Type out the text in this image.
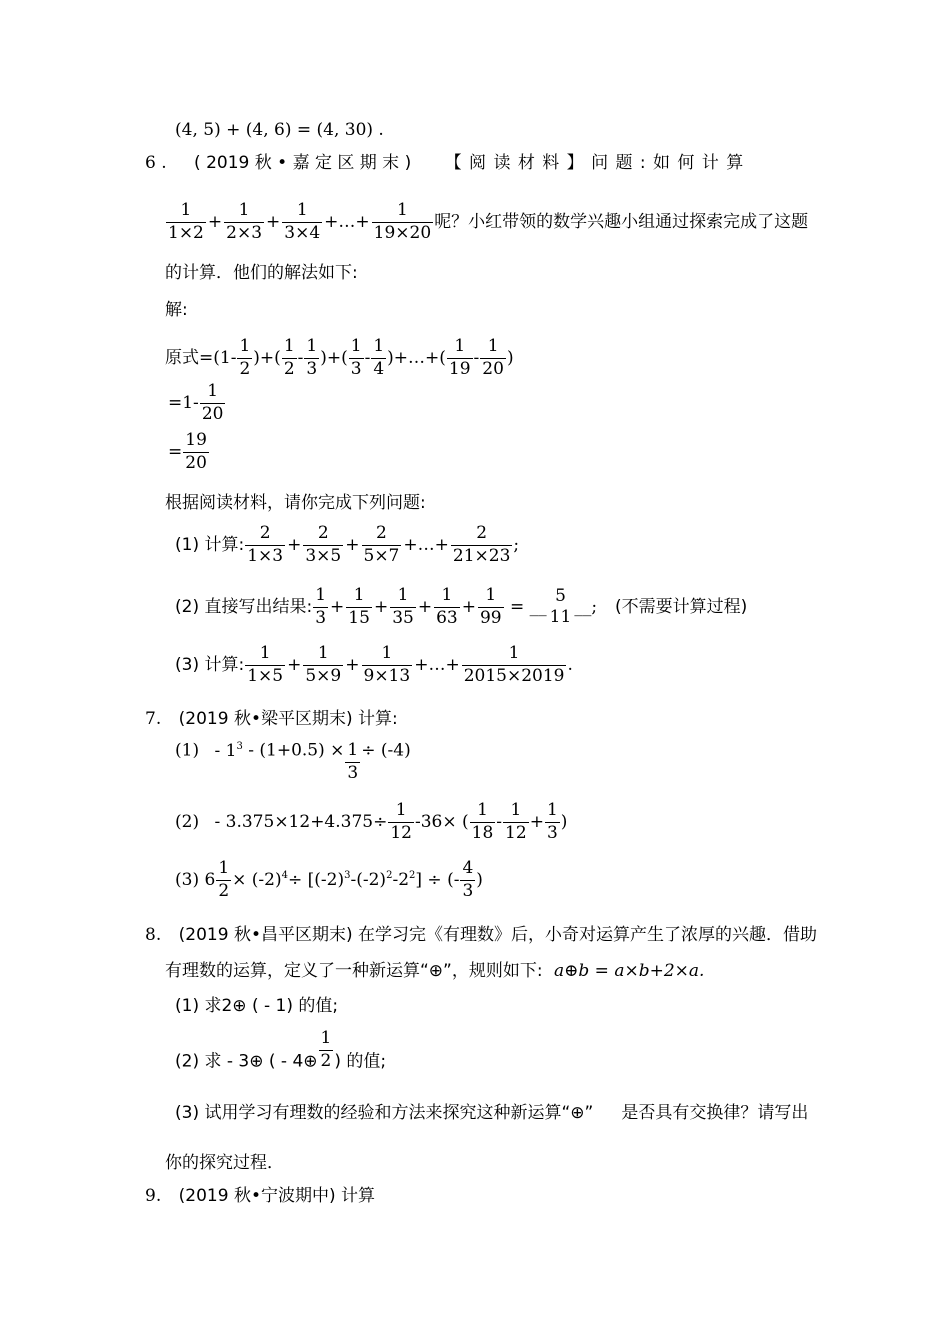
(4, 5) + (4, 6) = (4, 30) .
6 . ( 2019 秋 • 嘉 定 区 期 末 ) 【 阅 读 材 料 】 问 题 : 如 何 计 算
$\frac{1}{1\times 2} + \frac{1}{2\times 3} + \frac{1}{3\times 4}$ +…+ $\frac{1}{19\times 20}$ 呢？小红带领的数学兴趣小组通过探索完成了这题
的计算．他们的解法如下:
解:
原式$=(1- \frac{1}{2}$ )+( $\frac{1}{2} - \frac{1}{3}$ )+( $\frac{1}{3} - \frac{1}{4}$ )+…+( $\frac{1}{19} - \frac{1}{20}$ )
$=1- \frac{1}{20}$
= $\frac{19}{20}$
根据阅读材料，请你完成下列问题:
(1) 计算: $\frac{2}{1\times 3} + \frac{2}{3\times 5} + \frac{2}{5\times 7}$ +…+ $\frac{2}{21\times 23}$ ;
(2) 直接写出结果: $\frac{1}{3} + \frac{1}{15} + \frac{1}{35} + \frac{1}{63} + \frac{1}{99}$ = __
5
11
__; (不需要计算过程)
(3) 计算: $\frac{1}{1\times 5} + \frac{1}{5\times 9} + \frac{1}{9\times 13}$ +…+ $\frac{1}{2015\times 2019}$ .
7. (2019 秋•梁平区期末) 计算:
$(1) - 1^3 - (1+0.5) \times \frac{1}{3} \div (-4)$
$(2) - 3.375\times 12+4.375\div \frac{1}{12} -36\times$ ( $\frac{1}{18} - \frac{1}{12} + \frac{1}{3}$ )
(3) $6 \frac{1}{2} \times (-2)^4\div [(-2)^3-(-2)^2-2^2]$ ÷ (- $\frac{4}{3}$ )
8. (2019 秋•昌平区期末) 在学习完《有理数》后，小奇对运算产生了浓厚的兴趣．借助
有理数的运算，定义了一种新运算“⊕”，规则如下: a⊕b = a×b+2×a.
(1) 求2⊕ ( - 1) 的值;
(2) 求 - 3⊕ ( - 4⊕ $\frac{1}{2}$ ) 的值;
(3) 试用学习有理数的经验和方法来探究这种新运算“⊕” 是否具有交换律？请写出
你的探究过程．
9. (2019 秋•宁波期中) 计算
